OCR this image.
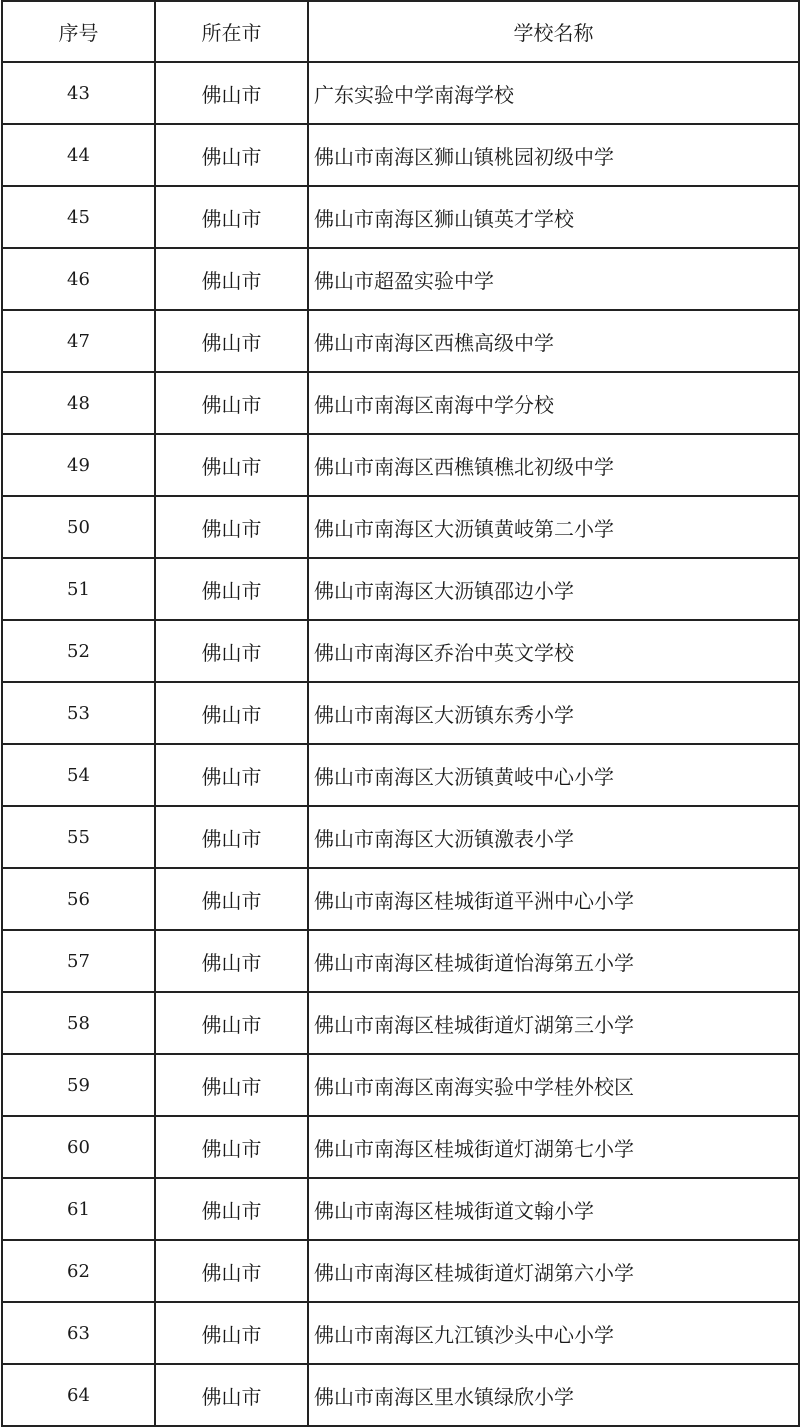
序号	所在市	学校名称
43	佛山市	广东实验中学南海学校
44	佛山市	佛山市南海区狮山镇桃园初级中学
45	佛山市	佛山市南海区狮山镇英才学校
46	佛山市	佛山市超盈实验中学
47	佛山市	佛山市南海区西樵高级中学
48	佛山市	佛山市南海区南海中学分校
49	佛山市	佛山市南海区西樵镇樵北初级中学
50	佛山市	佛山市南海区大沥镇黄岐第二小学
51	佛山市	佛山市南海区大沥镇邵边小学
52	佛山市	佛山市南海区乔治中英文学校
53	佛山市	佛山市南海区大沥镇东秀小学
54	佛山市	佛山市南海区大沥镇黄岐中心小学
55	佛山市	佛山市南海区大沥镇激表小学
56	佛山市	佛山市南海区桂城街道平洲中心小学
57	佛山市	佛山市南海区桂城街道怡海第五小学
58	佛山市	佛山市南海区桂城街道灯湖第三小学
59	佛山市	佛山市南海区南海实验中学桂外校区
60	佛山市	佛山市南海区桂城街道灯湖第七小学
61	佛山市	佛山市南海区桂城街道文翰小学
62	佛山市	佛山市南海区桂城街道灯湖第六小学
63	佛山市	佛山市南海区九江镇沙头中心小学
64	佛山市	佛山市南海区里水镇绿欣小学
